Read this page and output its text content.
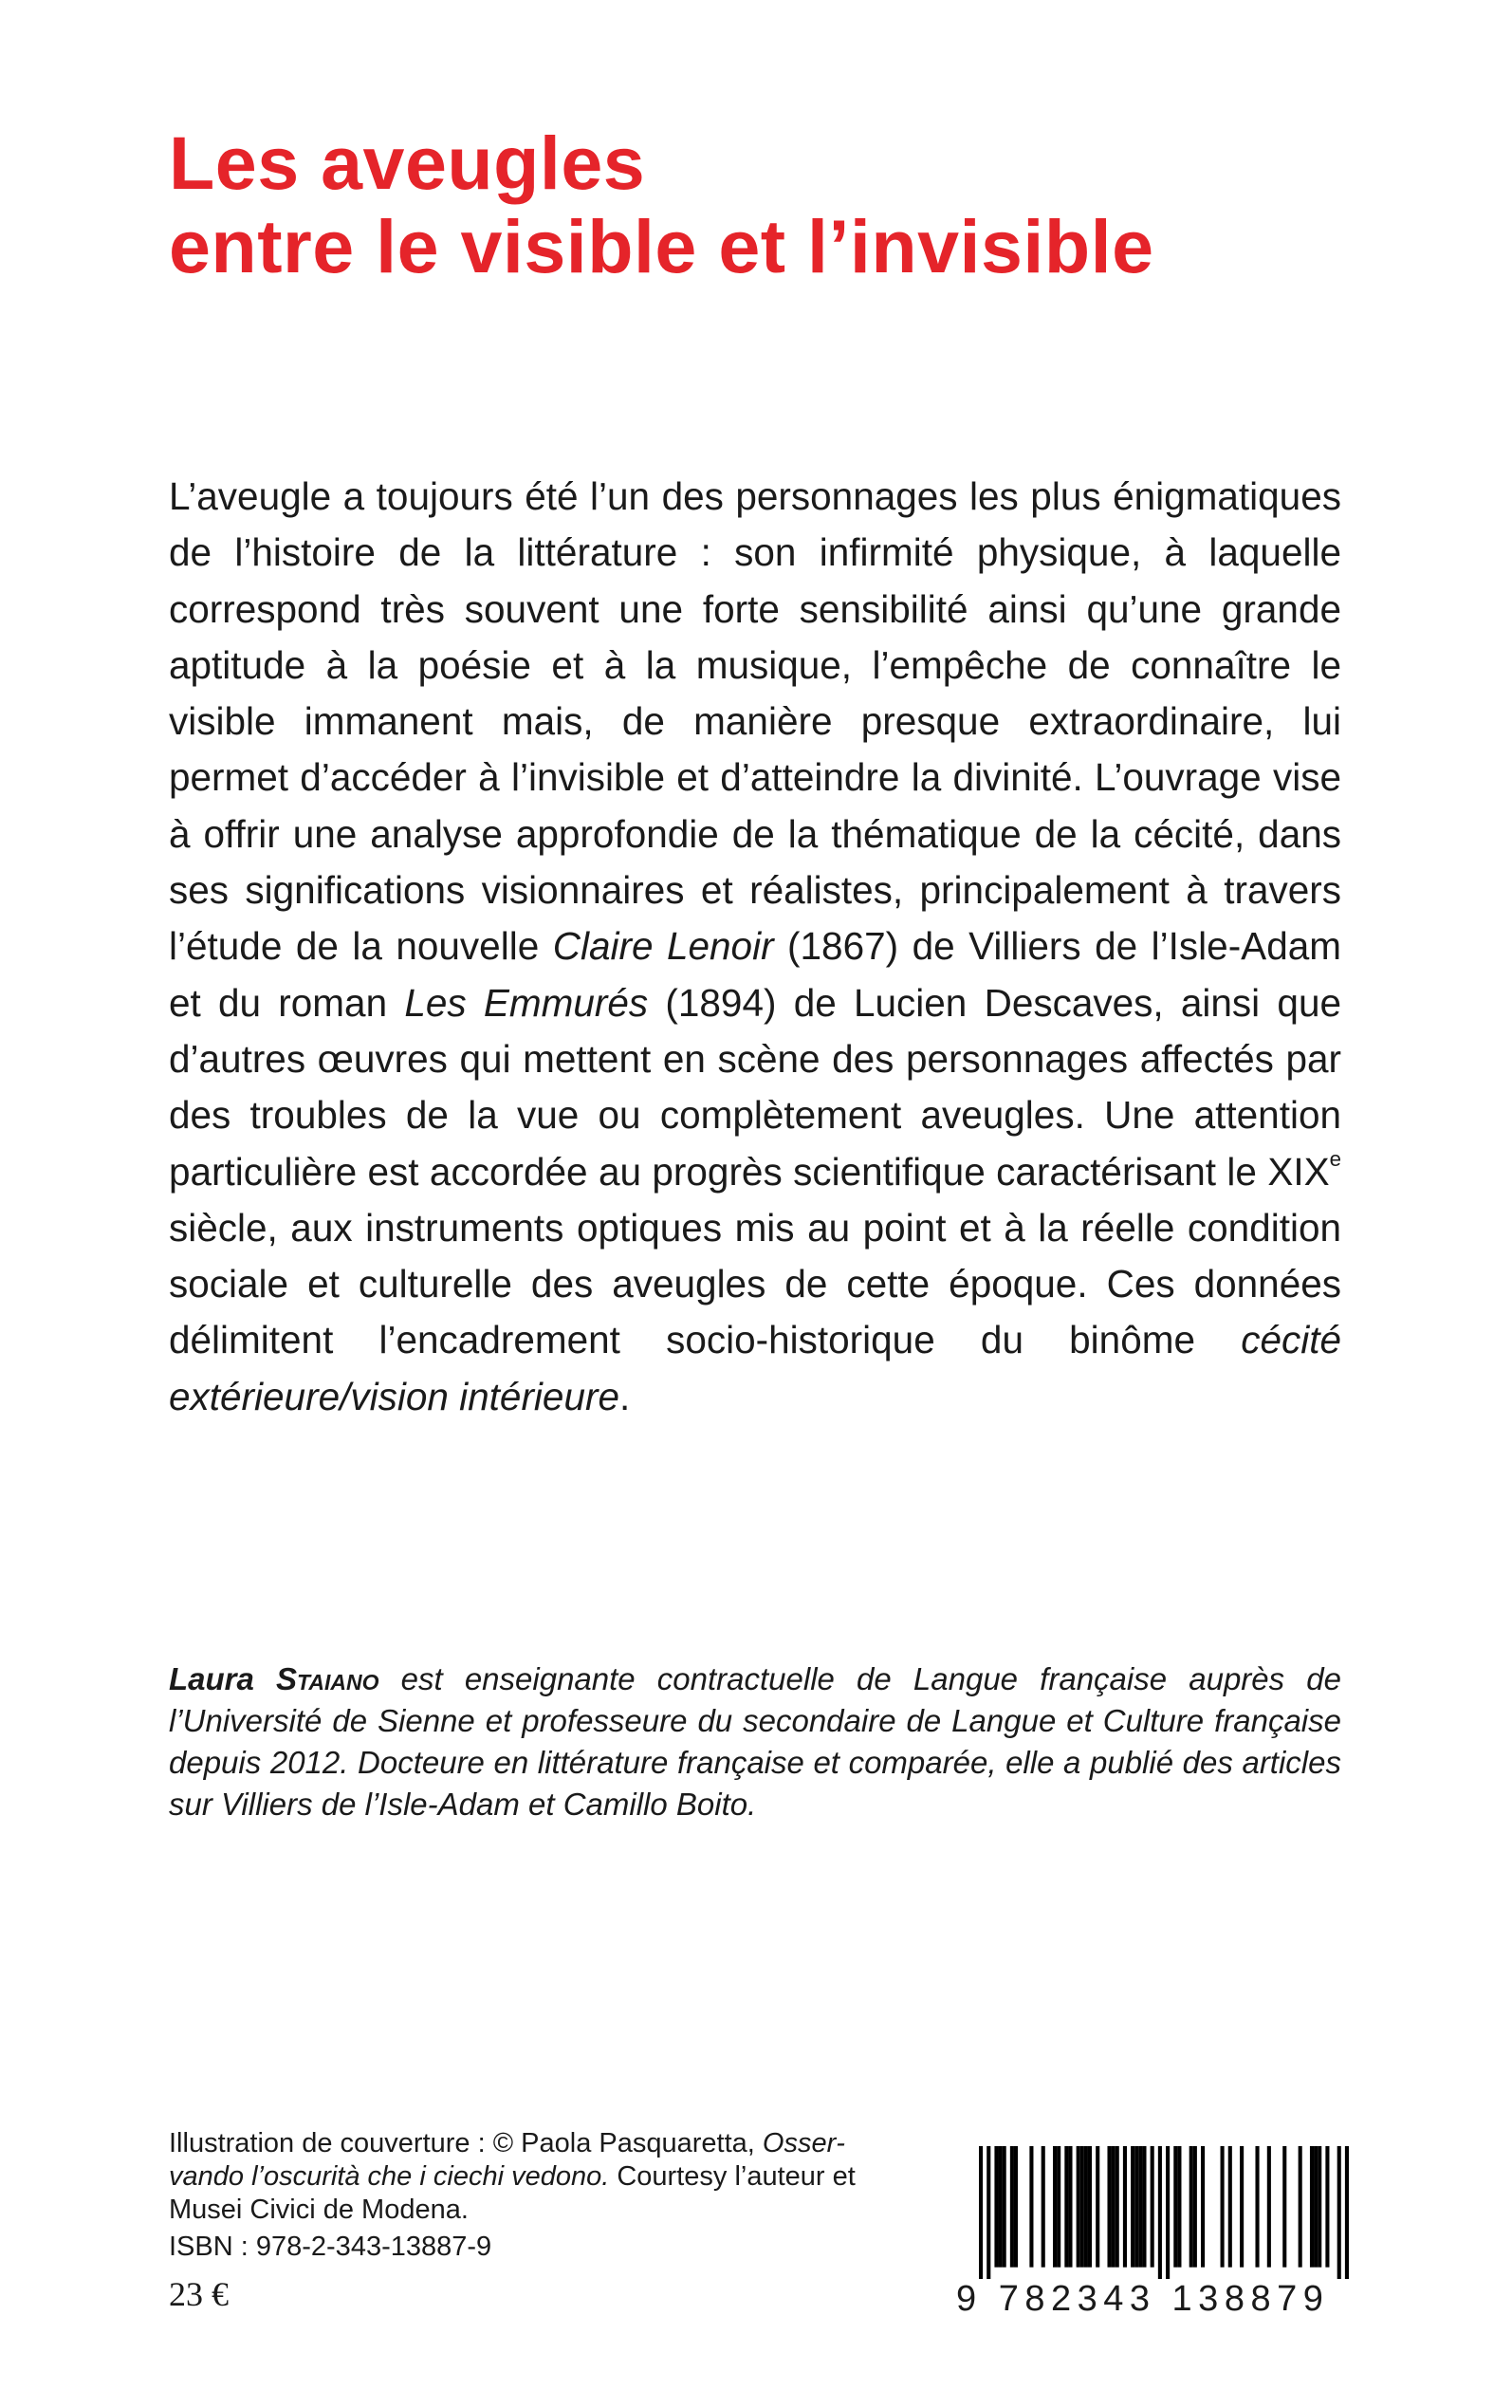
Les aveugles
entre le visible et l’invisible

L’aveugle a toujours été l’un des personnages les plus énigmatiques de l’histoire de la littérature : son infirmité physique, à laquelle correspond très souvent une forte sensibilité ainsi qu’une grande aptitude à la poésie et à la musique, l’empêche de connaître le visible immanent mais, de manière presque extraordinaire, lui permet d’accéder à l’invisible et d’atteindre la divinité. L’ouvrage vise à offrir une analyse approfondie de la thématique de la cécité, dans ses significations visionnaires et réalistes, principalement à travers l’étude de la nouvelle Claire Lenoir (1867) de Villiers de l’Isle-Adam et du roman Les Emmurés (1894) de Lucien Descaves, ainsi que d’autres œuvres qui mettent en scène des personnages affectés par des troubles de la vue ou complètement aveugles. Une attention particulière est accordée au progrès scientifique caractérisant le XIXe siècle, aux instruments optiques mis au point et à la réelle condition sociale et culturelle des aveugles de cette époque. Ces données délimitent l’encadrement socio-historique du binôme cécité extérieure/vision intérieure.

Laura Staiano est enseignante contractuelle de Langue française auprès de l’Université de Sienne et professeure du secondaire de Langue et Culture française depuis 2012. Docteure en littérature française et comparée, elle a publié des articles sur Villiers de l’Isle-Adam et Camillo Boito.

Illustration de couverture : © Paola Pasquaretta, Osservando l’oscurità che i ciechi vedono. Courtesy l’auteur et Musei Civici de Modena.

ISBN : 978-2-343-13887-9

23 €	9 782343 138879
